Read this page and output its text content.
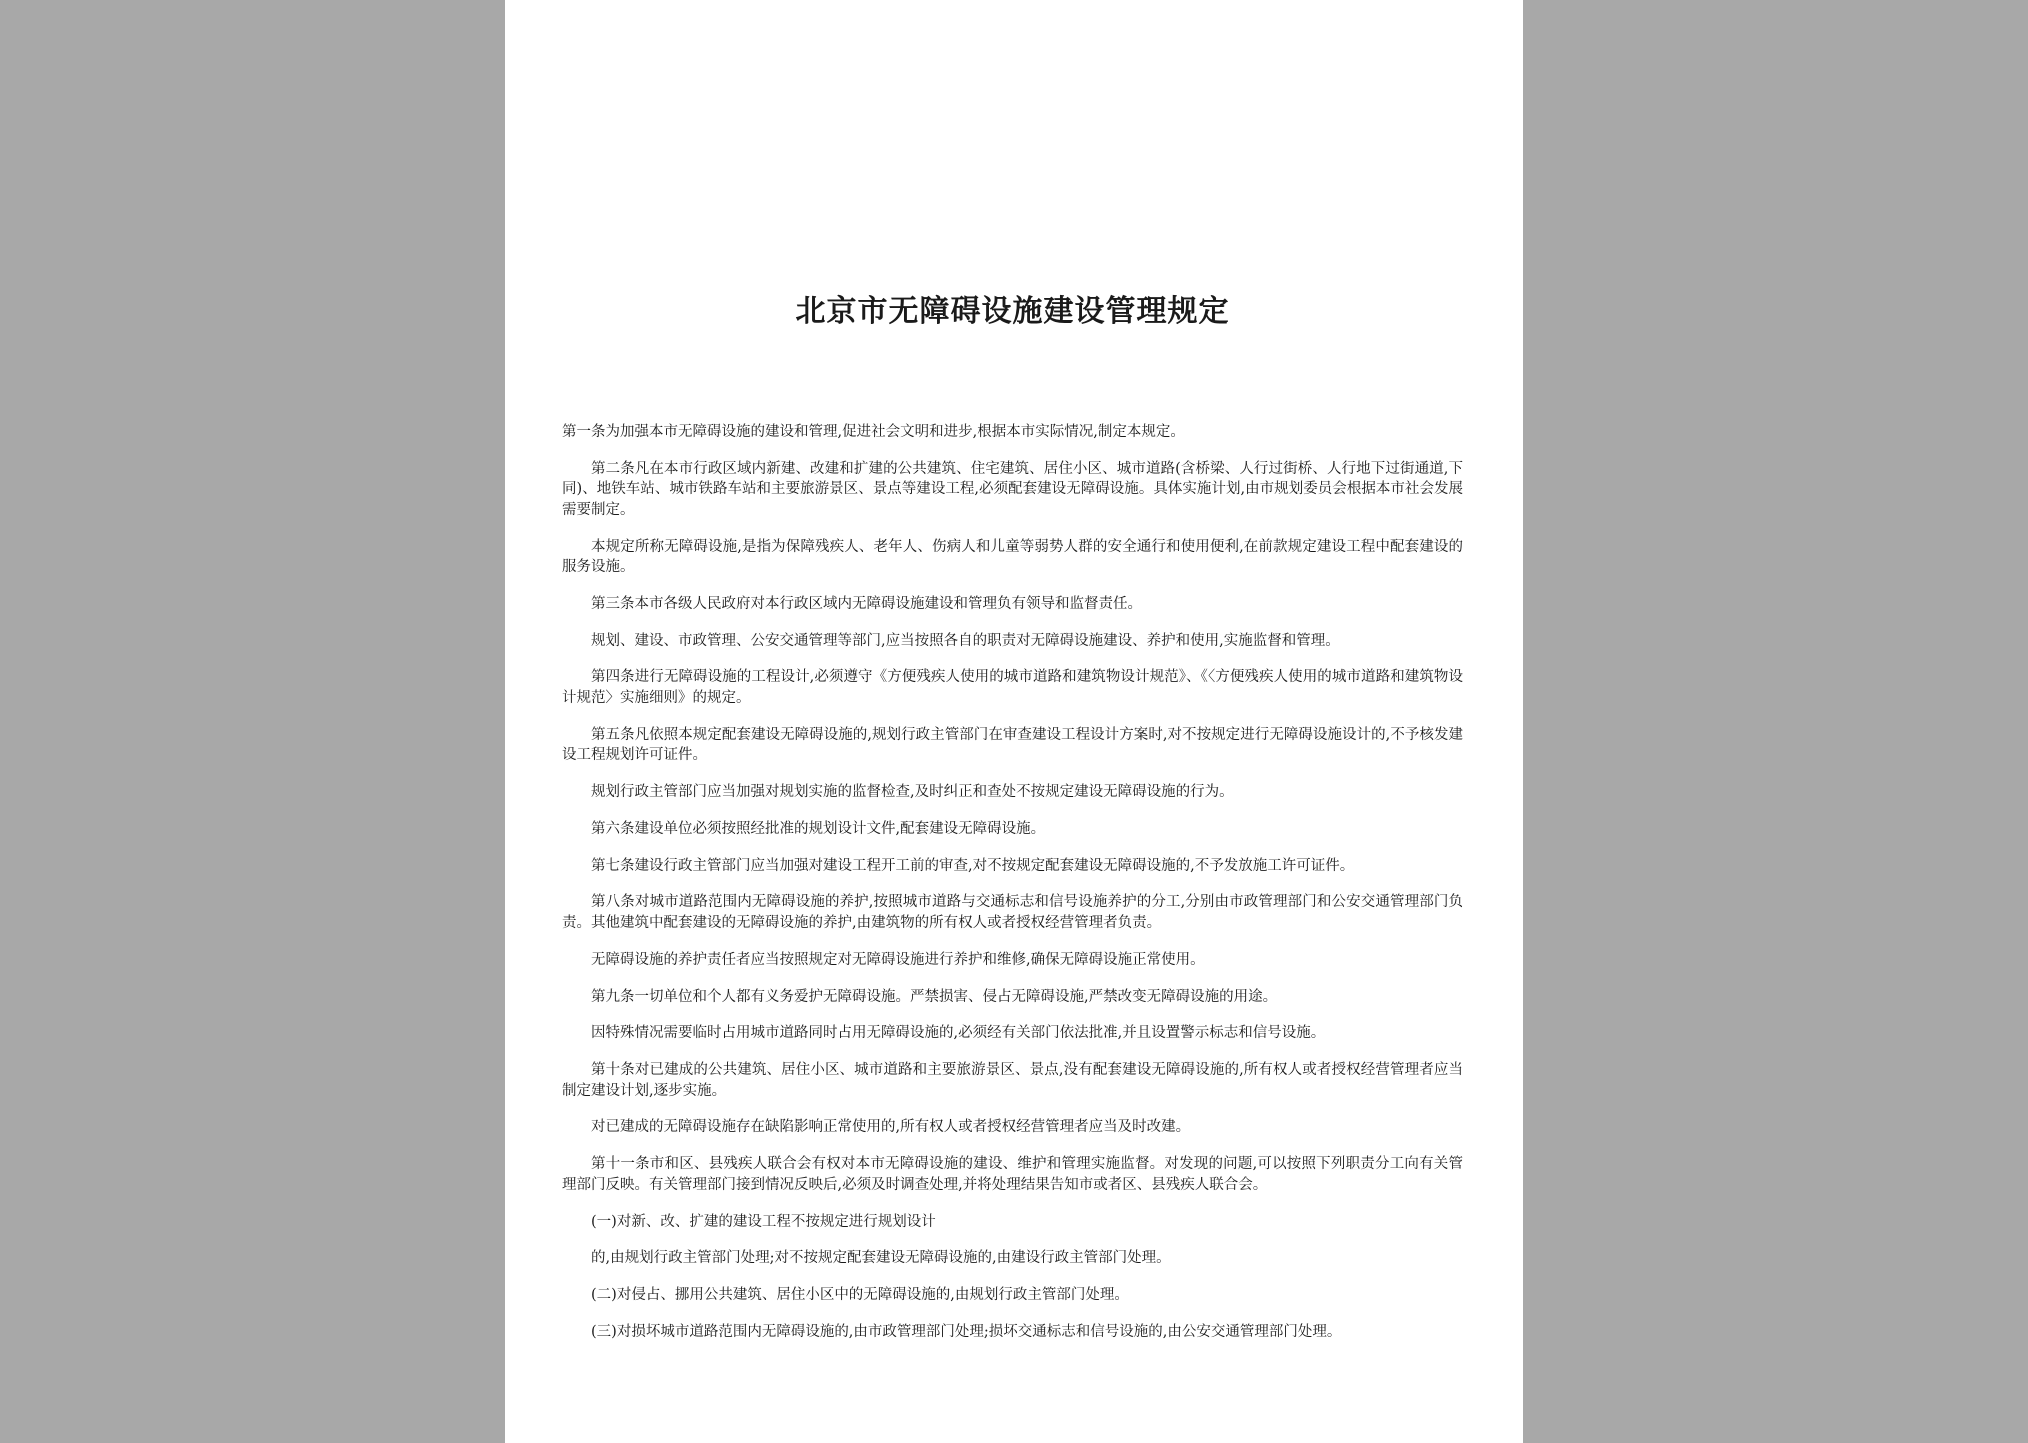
北京市无障碍设施建设管理规定

第一条为加强本市无障碍设施的建设和管理,促进社会文明和进步,根据本市实际情况,制定本规定。

第二条凡在本市行政区域内新建、改建和扩建的公共建筑、住宅建筑、居住小区、城市道路(含桥梁、人行过街桥、人行地下过街通道,下同)、地铁车站、城市铁路车站和主要旅游景区、景点等建设工程,必须配套建设无障碍设施。具体实施计划,由市规划委员会根据本市社会发展需要制定。

本规定所称无障碍设施,是指为保障残疾人、老年人、伤病人和儿童等弱势人群的安全通行和使用便利,在前款规定建设工程中配套建设的服务设施。

第三条本市各级人民政府对本行政区域内无障碍设施建设和管理负有领导和监督责任。

规划、建设、市政管理、公安交通管理等部门,应当按照各自的职责对无障碍设施建设、养护和使用,实施监督和管理。

第四条进行无障碍设施的工程设计,必须遵守《方便残疾人使用的城市道路和建筑物设计规范》、《〈方便残疾人使用的城市道路和建筑物设计规范〉实施细则》的规定。

第五条凡依照本规定配套建设无障碍设施的,规划行政主管部门在审查建设工程设计方案时,对不按规定进行无障碍设施设计的,不予核发建设工程规划许可证件。

规划行政主管部门应当加强对规划实施的监督检查,及时纠正和查处不按规定建设无障碍设施的行为。

第六条建设单位必须按照经批准的规划设计文件,配套建设无障碍设施。

第七条建设行政主管部门应当加强对建设工程开工前的审查,对不按规定配套建设无障碍设施的,不予发放施工许可证件。

第八条对城市道路范围内无障碍设施的养护,按照城市道路与交通标志和信号设施养护的分工,分别由市政管理部门和公安交通管理部门负责。其他建筑中配套建设的无障碍设施的养护,由建筑物的所有权人或者授权经营管理者负责。

无障碍设施的养护责任者应当按照规定对无障碍设施进行养护和维修,确保无障碍设施正常使用。

第九条一切单位和个人都有义务爱护无障碍设施。严禁损害、侵占无障碍设施,严禁改变无障碍设施的用途。

因特殊情况需要临时占用城市道路同时占用无障碍设施的,必须经有关部门依法批准,并且设置警示标志和信号设施。

第十条对已建成的公共建筑、居住小区、城市道路和主要旅游景区、景点,没有配套建设无障碍设施的,所有权人或者授权经营管理者应当制定建设计划,逐步实施。

对已建成的无障碍设施存在缺陷影响正常使用的,所有权人或者授权经营管理者应当及时改建。

第十一条市和区、县残疾人联合会有权对本市无障碍设施的建设、维护和管理实施监督。对发现的问题,可以按照下列职责分工向有关管理部门反映。有关管理部门接到情况反映后,必须及时调查处理,并将处理结果告知市或者区、县残疾人联合会。

(一)对新、改、扩建的建设工程不按规定进行规划设计

的,由规划行政主管部门处理;对不按规定配套建设无障碍设施的,由建设行政主管部门处理。

(二)对侵占、挪用公共建筑、居住小区中的无障碍设施的,由规划行政主管部门处理。

(三)对损坏城市道路范围内无障碍设施的,由市政管理部门处理;损坏交通标志和信号设施的,由公安交通管理部门处理。
